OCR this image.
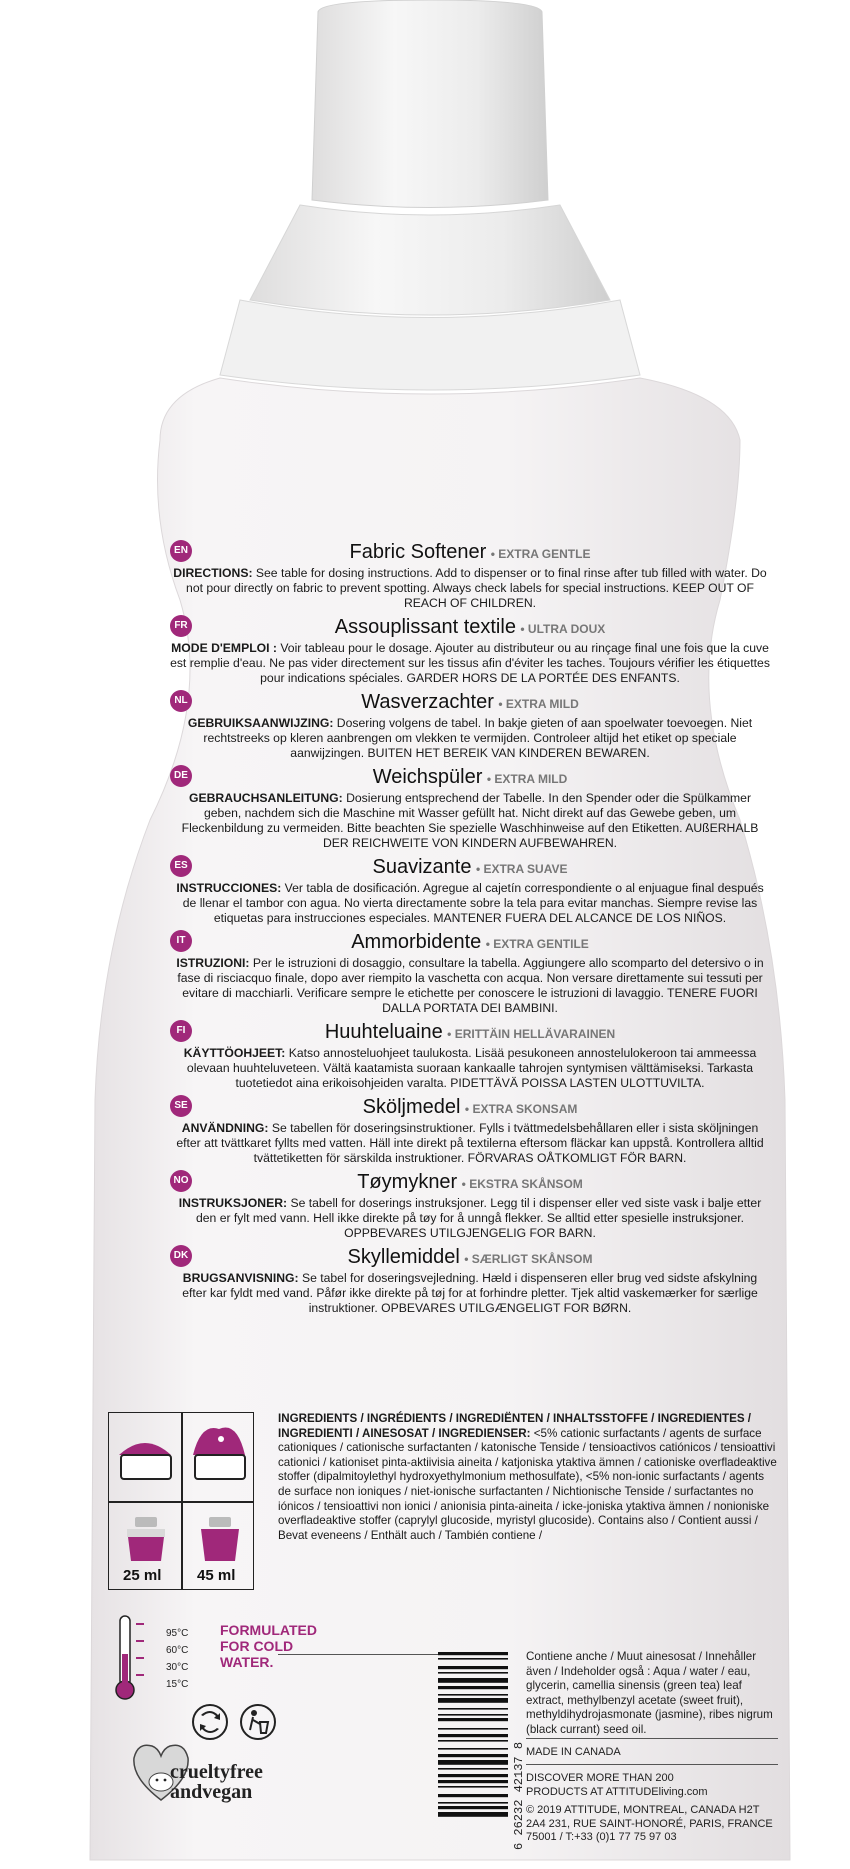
EN	Fabric Softener • EXTRA GENTLE

DIRECTIONS: See table for dosing instructions. Add to dispenser or to final rinse after tub filled with water. Do not pour directly on fabric to prevent spotting. Always check labels for special instructions. KEEP OUT OF REACH OF CHILDREN.

FR	Assouplissant textile • ULTRA DOUX

MODE D'EMPLOI : Voir tableau pour le dosage. Ajouter au distributeur ou au rinçage final une fois que la cuve est remplie d'eau. Ne pas vider directement sur les tissus afin d'éviter les taches. Toujours vérifier les étiquettes pour indications spéciales. GARDER HORS DE LA PORTÉE DES ENFANTS.

NL	Wasverzachter • EXTRA MILD

GEBRUIKSAANWIJZING: Dosering volgens de tabel. In bakje gieten of aan spoelwater toevoegen. Niet rechtstreeks op kleren aanbrengen om vlekken te vermijden. Controleer altijd het etiket op speciale aanwijzingen. BUITEN HET BEREIK VAN KINDEREN BEWAREN.

DE	Weichspüler • EXTRA MILD

GEBRAUCHSANLEITUNG: Dosierung entsprechend der Tabelle. In den Spender oder die Spülkammer geben, nachdem sich die Maschine mit Wasser gefüllt hat. Nicht direkt auf das Gewebe geben, um Fleckenbildung zu vermeiden. Bitte beachten Sie spezielle Waschhinweise auf den Etiketten. AUßERHALB DER REICHWEITE VON KINDERN AUFBEWAHREN.

ES	Suavizante • EXTRA SUAVE

INSTRUCCIONES: Ver tabla de dosificación. Agregue al cajetín correspondiente o al enjuague final después de llenar el tambor con agua. No vierta directamente sobre la tela para evitar manchas. Siempre revise las etiquetas para instrucciones especiales. MANTENER FUERA DEL ALCANCE DE LOS NIÑOS.

IT	Ammorbidente • EXTRA GENTILE

ISTRUZIONI: Per le istruzioni di dosaggio, consultare la tabella. Aggiungere allo scomparto del detersivo o in fase di risciacquo finale, dopo aver riempito la vaschetta con acqua. Non versare direttamente sui tessuti per evitare di macchiarli. Verificare sempre le etichette per conoscere le istruzioni di lavaggio. TENERE FUORI DALLA PORTATA DEI BAMBINI.

FI	Huuhteluaine • ERITTÄIN HELLÄVARAINEN

KÄYTTÖOHJEET: Katso annosteluohjeet taulukosta. Lisää pesukoneen annostelulokeroon tai ammeessa olevaan huuhteluveteen. Vältä kaatamista suoraan kankaalle tahrojen syntymisen välttämiseksi. Tarkasta tuotetiedot aina erikoisohjeiden varalta. PIDETTÄVÄ POISSA LASTEN ULOTTUVILTA.

SE	Sköljmedel • EXTRA SKONSAM

ANVÄNDNING: Se tabellen för doseringsinstruktioner. Fylls i tvättmedelsbehållaren eller i sista sköljningen efter att tvättkaret fyllts med vatten. Häll inte direkt på textilerna eftersom fläckar kan uppstå. Kontrollera alltid tvättetiketten för särskilda instruktioner. FÖRVARAS OÅTKOMLIGT FÖR BARN.

NO	Tøymykner • EKSTRA SKÅNSOM

INSTRUKSJONER: Se tabell for doserings instruksjoner. Legg til i dispenser eller ved siste vask i balje etter den er fylt med vann. Hell ikke direkte på tøy for å unngå flekker. Se alltid etter spesielle instruksjoner. OPPBEVARES UTILGJENGELIG FOR BARN.

DK	Skyllemiddel • SÆRLIGT SKÅNSOM

BRUGSANVISNING: Se tabel for doseringsvejledning. Hæld i dispenseren eller brug ved sidste afskylning efter kar fyldt med vand. Påfør ikke direkte på tøj for at forhindre pletter. Tjek altid vaskemærker for særlige instruktioner. OPBEVARES UTILGÆNGELIGT FOR BØRN.

25 ml 45 ml
INGREDIENTS / INGRÉDIENTS / INGREDIËNTEN / INHALTSSTOFFE / INGREDIENTES / INGREDIENTI / AINESOSAT / INGREDIENSER: <5% cationic surfactants / agents de surface cationiques / cationische surfactanten / katonische Tenside / tensioactivos catiónicos / tensioattivi cationici / kationiset pinta-aktiivisia aineita / katjoniska ytaktiva ämnen / cationiske overfladeaktive stoffer (dipalmitoylethyl hydroxyethylmonium methosulfate), <5% non-ionic surfactants / agents de surface non ioniques / niet-ionische surfactanten / Nichtionische Tenside / surfactantes no iónicos / tensioattivi non ionici / anionisia pinta-aineita / icke-joniska ytaktiva ämnen / nonioniske overfladeaktive stoffer (caprylyl glucoside, myristyl glucoside). Contains also / Contient aussi / Bevat eveneens / Enthält auch / También contiene /
Contiene anche / Muut ainesosat / Innehåller även / Indeholder også : Aqua / water / eau, glycerin, camellia sinensis (green tea) leaf extract, methylbenzyl acetate (sweet fruit), methyldihydrojasmonate (jasmine), ribes nigrum (black currant) seed oil.
MADE IN CANADA
DISCOVER MORE THAN 200 PRODUCTS AT ATTITUDEliving.com
© 2019 ATTITUDE, MONTREAL, CANADA H2T 2A4 231, RUE SAINT-HONORÉ, PARIS, FRANCE 75001 / T:+33 (0)1 77 75 97 03
95°C
60°C
30°C
15°C
FORMULATED
FOR COLD
WATER.
crueltyfree
andvegan	6 26232 42137 8
